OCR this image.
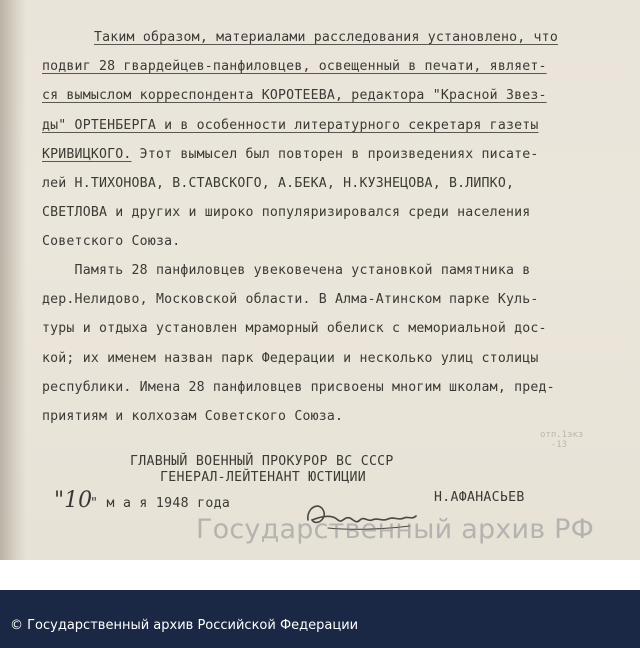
Таким образом, материалами расследования установлено, что
подвиг 28 гвардейцев-панфиловцев, освещенный в печати, являет-
ся вымыслом корреспондента КОРОТЕЕВА, редактора "Красной Звез-
ды" ОРТЕНБЕРГА и в особенности литературного секретаря газеты
КРИВИЦКОГО. Этот вымысел был повторен в произведениях писате-
лей Н.ТИХОНОВА, В.СТАВСКОГО, А.БЕКА, Н.КУЗНЕЦОВА, В.ЛИПКО,
СВЕТЛОВА и других и широко популяризировался среди населения
Советского Союза.
Память 28 панфиловцев увековечена установкой памятника в
дер.Нелидово, Московской области. В Алма-Атинском парке Куль-
туры и отдыха установлен мраморный обелиск с мемориальной дос-
кой; их именем назван парк Федерации и несколько улиц столицы
республики. Имена 28 панфиловцев присвоены многим школам, пред-
приятиям и колхозам Советского Союза.
ГЛАВНЫЙ ВОЕННЫЙ ПРОКУРОР ВС СССР
ГЕНЕРАЛ-ЛЕЙТЕНАНТ ЮСТИЦИИ
"10
" м а я 1948 года	Н.АФАНАСЬЕВ
отп.1экз
-13
Государственный архив РФ
© Государственный архив Российской Федерации
